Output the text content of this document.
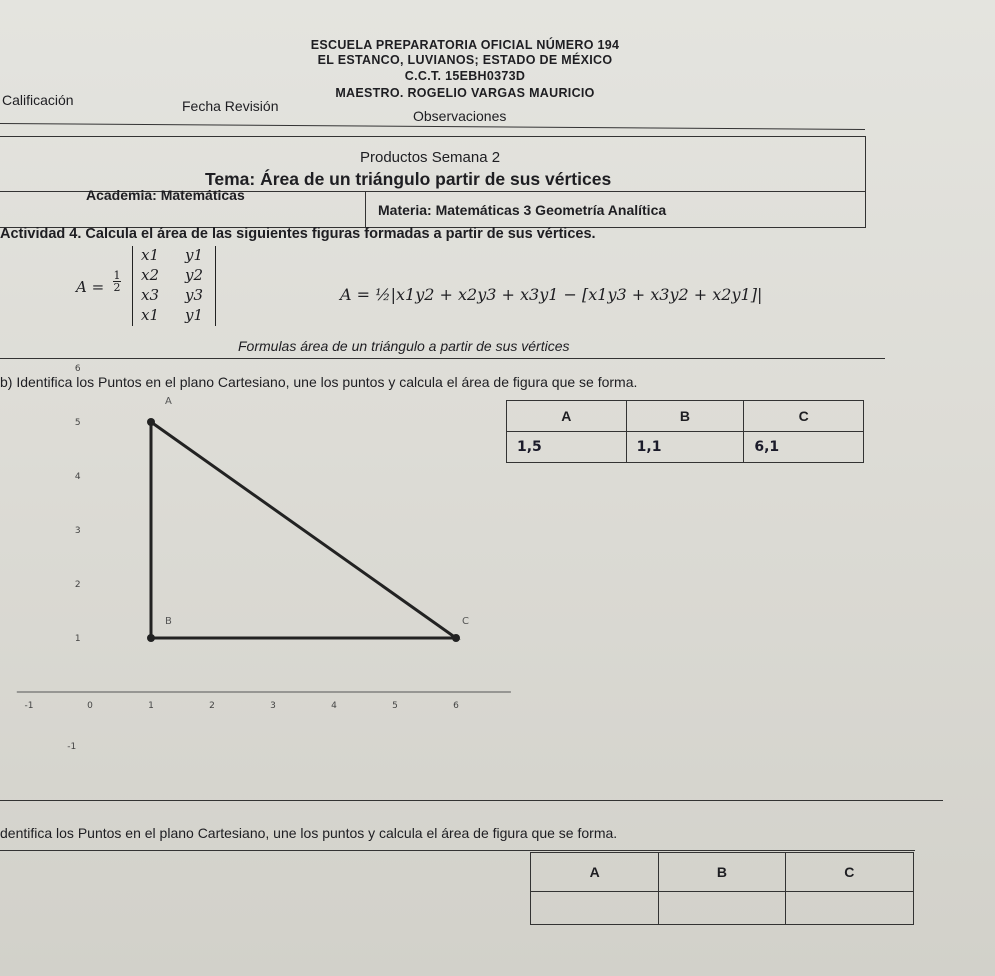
ESCUELA PREPARATORIA OFICIAL NÚMERO 194
EL ESTANCO, LUVIANOS; ESTADO DE MÉXICO
C.C.T. 15EBH0373D
MAESTRO. ROGELIO VARGAS MAURICIO
Calificación	Fecha Revisión
Observaciones
Productos Semana 2
Tema: Área de un triángulo partir de sus vértices
Academia: Matemáticas
Materia: Matemáticas 3 Geometría Analítica
Actividad 4. Calcula el área de las siguientes figuras formadas a partir de sus vértices.
A =
1
2
x1 y1
x2 y2
x3 y3
x1 y1
A = ½|x1y2 + x2y3 + x3y1 − [x1y3 + x3y2 + x2y1]|
Formulas área de un triángulo a partir de sus vértices
b) Identifica los Puntos en el plano Cartesiano, une los puntos y calcula el área de figura que se forma.
-1	0	1	2	3	4	5	6
1
2
3
4
5
6
-1
A
B	C
A	B	C
1,5	1,1	6,1
dentifica los Puntos en el plano Cartesiano, une los puntos y calcula el área de figura que se forma.
A	B	C
